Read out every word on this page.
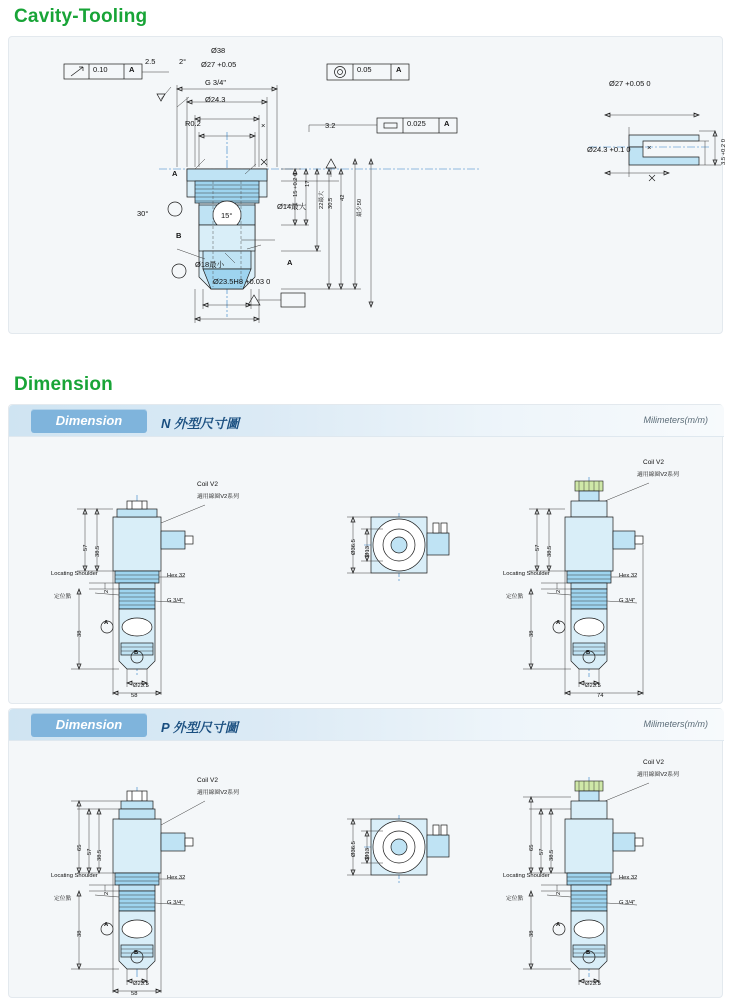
Cavity-Tooling
0.10	A	0.05	A
0.025 A
2.5	2°
Ø38
Ø27 +0.05
G 3/4"
Ø24.3
R0.2	3.2
×
15 +0.2 0 17
22最大 30.5 42
最少50
30°	15°
Ø14最大
Ø18最小	A
A
B
Ø23.5H8 +0.03 0
Ø27 +0.05 0
Ø24.3 +0.1 0	3.5 +0.2 0
×
Dimension
Dimension	N 外型尺寸圖	Milimeters(m/m)
Coil V2
適用線圈V2系列
57 38.5
2
38
Ø23.5
58
Hex 32
G 3/4"
Locating Shoulder
定位點
A
B
Ø36.5 Ø13
Coil V2
適用線圈V2系列
57 38.5
2
38
Ø23.5
74
Hex 32
G 3/4"
Locating Shoulder
定位點
A
B
Dimension	P 外型尺寸圖	Milimeters(m/m)
Coil V2
適用線圈V2系列
65
57 38.5
2
38
Ø23.5
58
Hex 32
G 3/4"
Locating Shoulder
定位點
A
B
Ø36.5 Ø13
Coil V2
適用線圈V2系列
65
57 38.5
2
38
Ø23.5
Hex 32
G 3/4"
Locating Shoulder
定位點
A
B
